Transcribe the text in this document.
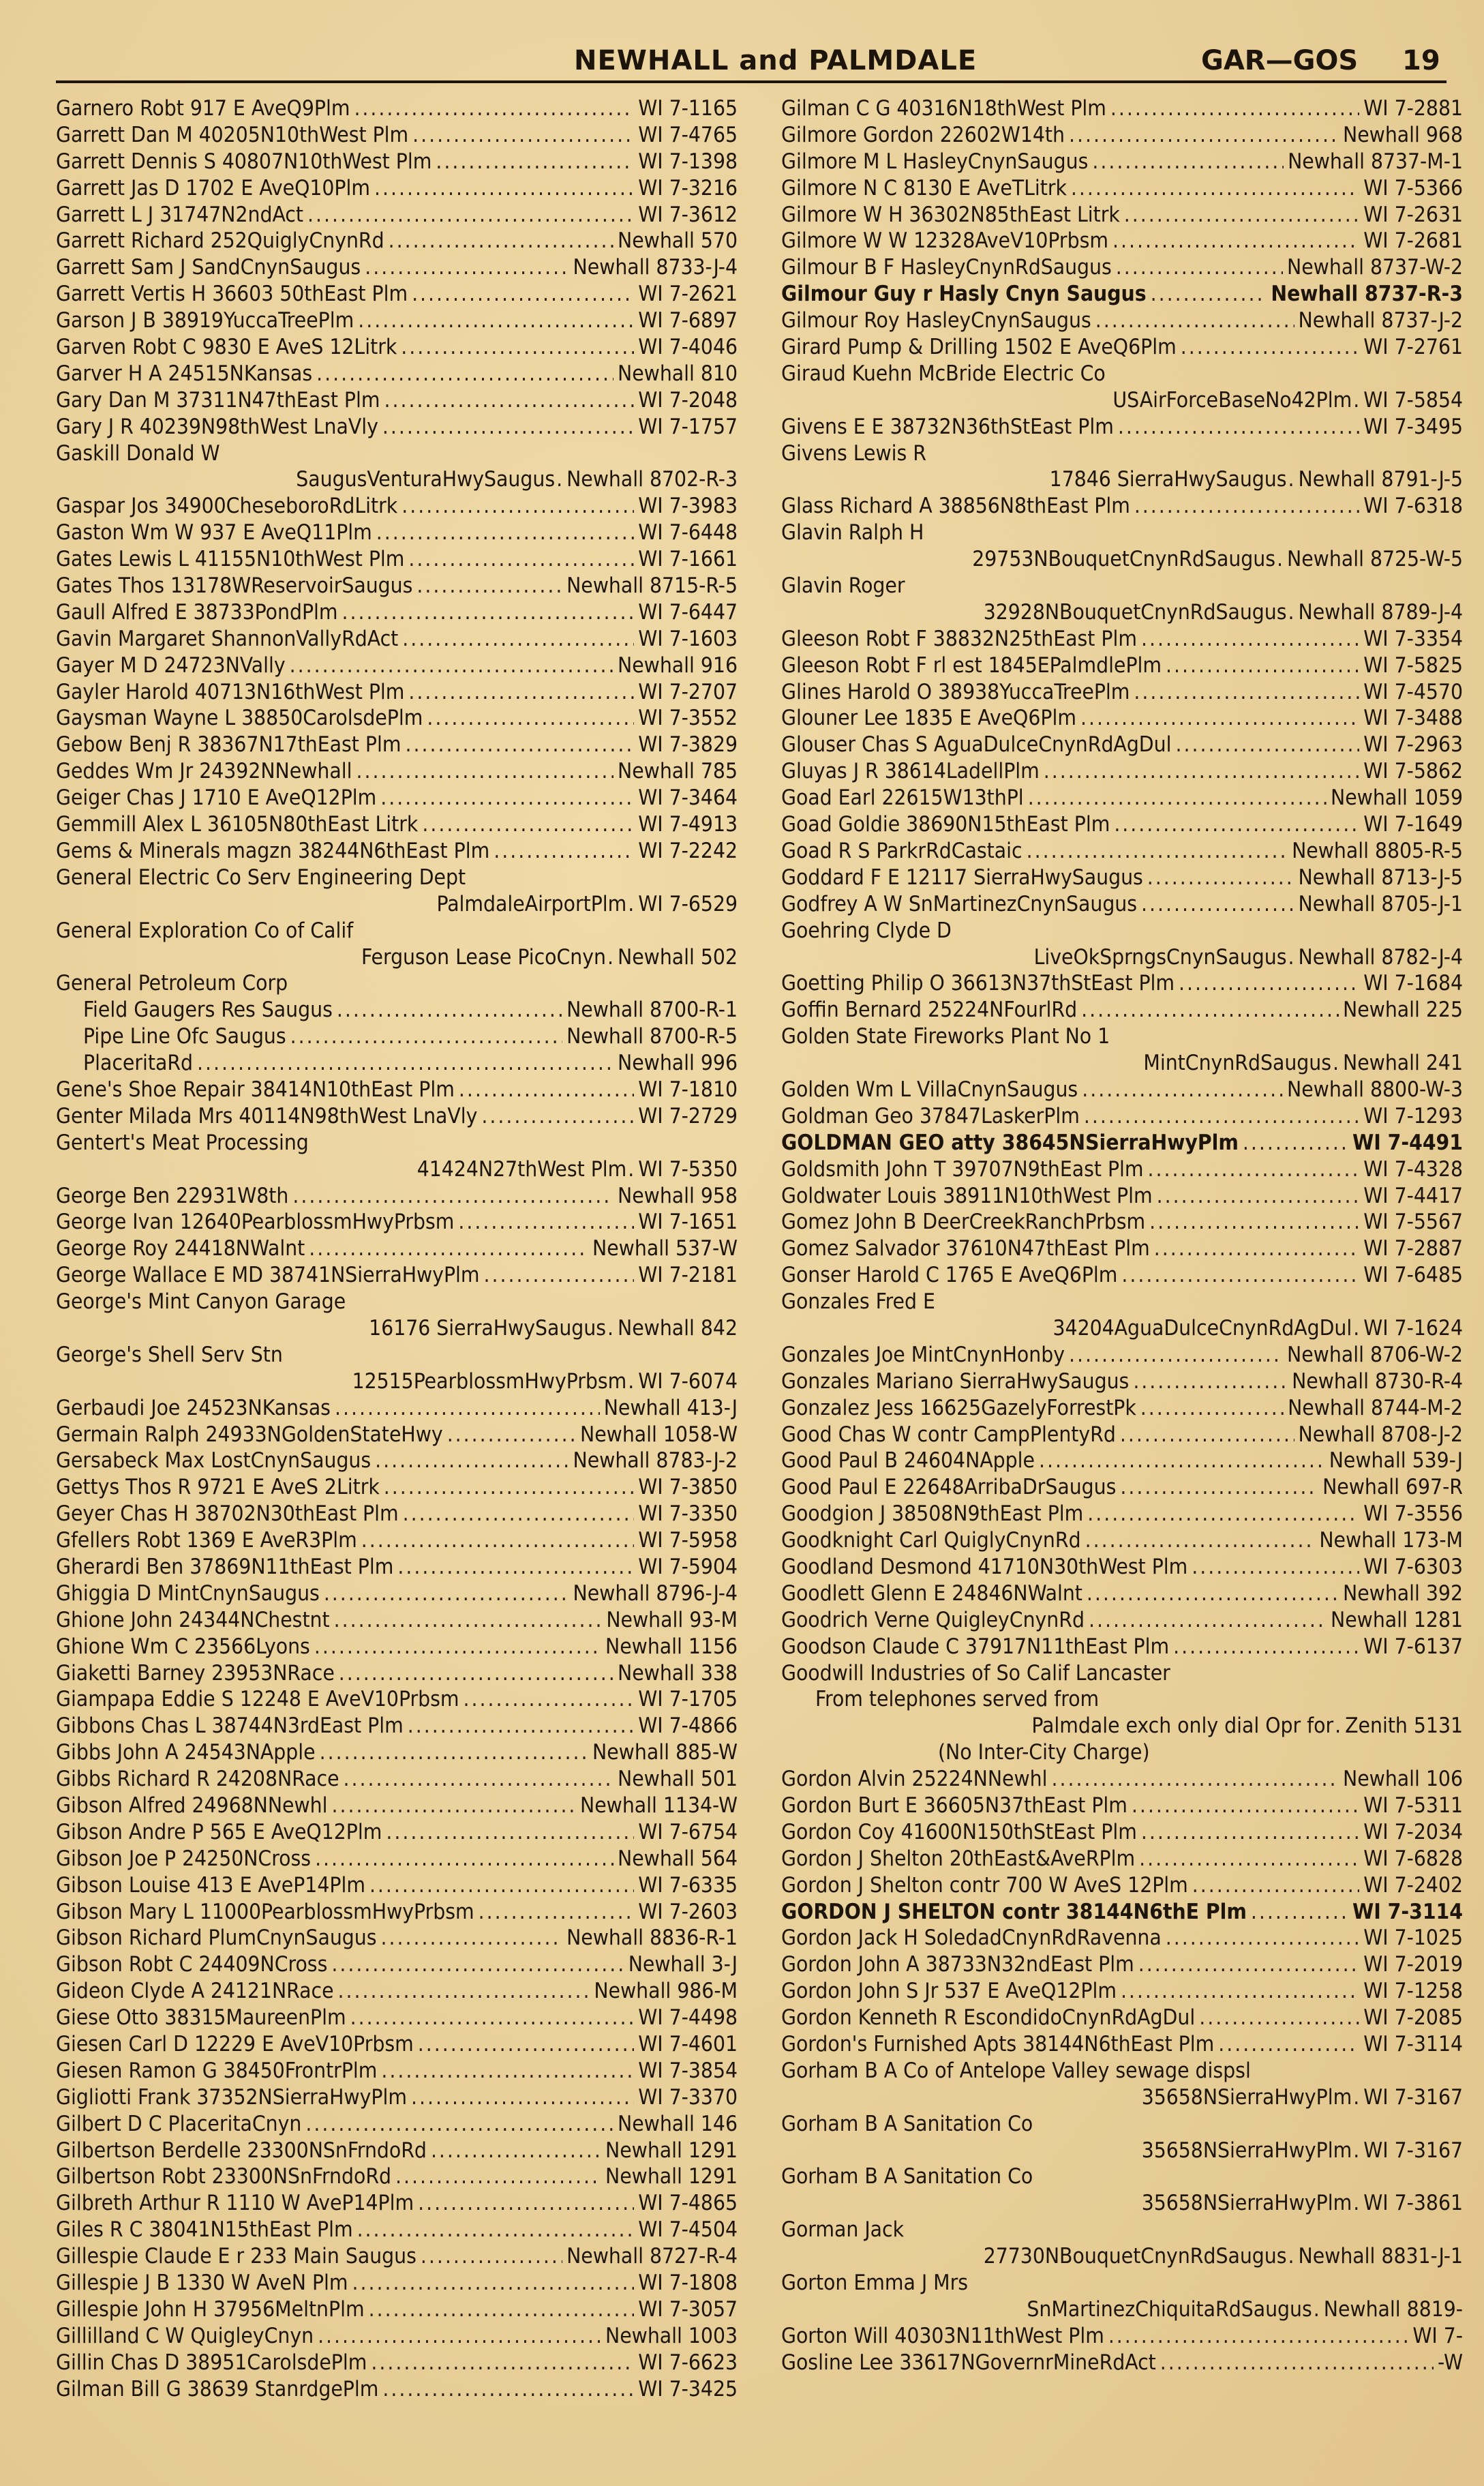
NEWHALL and PALMDALE	GAR—GOS 19
Garnero Robt 917 E AveQ9Plm .....	WI 7-1165
Garrett Dan M 40205N10thWest Plm .....	WI 7-4765
Garrett Dennis S 40807N10thWest Plm .....	WI 7-1398
Garrett Jas D 1702 E AveQ10Plm .....	WI 7-3216
Garrett L J 31747N2ndAct .....	WI 7-3612
Garrett Richard 252QuiglyCnynRd .....	Newhall 570
Garrett Sam J SandCnynSaugus .....	Newhall 8733-J-4
Garrett Vertis H 36603 50thEast Plm .....	WI 7-2621
Garson J B 38919YuccaTreePlm .....	WI 7-6897
Garven Robt C 9830 E AveS 12Litrk .....	WI 7-4046
Garver H A 24515NKansas .....	Newhall 810
Gary Dan M 37311N47thEast Plm .....	WI 7-2048
Gary J R 40239N98thWest LnaVly .....	WI 7-1757
Gaskill Donald W
SaugusVenturaHwySaugus . Newhall 8702-R-3
Gaspar Jos 34900CheseboroRdLitrk .....	WI 7-3983
Gaston Wm W 937 E AveQ11Plm .....	WI 7-6448
Gates Lewis L 41155N10thWest Plm .....	WI 7-1661
Gates Thos 13178WReservoirSaugus .....	Newhall 8715-R-5
Gaull Alfred E 38733PondPlm .....	WI 7-6447
Gavin Margaret ShannonVallyRdAct .....	WI 7-1603
Gayer M D 24723NVally .....	Newhall 916
Gayler Harold 40713N16thWest Plm .....	WI 7-2707
Gaysman Wayne L 38850CarolsdePlm .....	WI 7-3552
Gebow Benj R 38367N17thEast Plm .....	WI 7-3829
Geddes Wm Jr 24392NNewhall .....	Newhall 785
Geiger Chas J 1710 E AveQ12Plm .....	WI 7-3464
Gemmill Alex L 36105N80thEast Litrk .....	WI 7-4913
Gems & Minerals magzn 38244N6thEast Plm .....	WI 7-2242
General Electric Co Serv Engineering Dept
PalmdaleAirportPlm . WI 7-6529
General Exploration Co of Calif
Ferguson Lease PicoCnyn . Newhall 502
General Petroleum Corp
Field Gaugers Res Saugus .....	Newhall 8700-R-1
Pipe Line Ofc Saugus .....	Newhall 8700-R-5
PlaceritaRd .....	Newhall 996
Gene's Shoe Repair 38414N10thEast Plm .....	WI 7-1810
Genter Milada Mrs 40114N98thWest LnaVly .....	WI 7-2729
Gentert's Meat Processing
41424N27thWest Plm . WI 7-5350
George Ben 22931W8th .....	Newhall 958
George Ivan 12640PearblossmHwyPrbsm .....	WI 7-1651
George Roy 24418NWalnt .....	Newhall 537-W
George Wallace E MD 38741NSierraHwyPlm .....	WI 7-2181
George's Mint Canyon Garage
16176 SierraHwySaugus . Newhall 842
George's Shell Serv Stn
12515PearblossmHwyPrbsm . WI 7-6074
Gerbaudi Joe 24523NKansas .....	Newhall 413-J
Germain Ralph 24933NGoldenStateHwy .....	Newhall 1058-W
Gersabeck Max LostCnynSaugus .....	Newhall 8783-J-2
Gettys Thos R 9721 E AveS 2Litrk .....	WI 7-3850
Geyer Chas H 38702N30thEast Plm .....	WI 7-3350
Gfellers Robt 1369 E AveR3Plm .....	WI 7-5958
Gherardi Ben 37869N11thEast Plm .....	WI 7-5904
Ghiggia D MintCnynSaugus .....	Newhall 8796-J-4
Ghione John 24344NChestnt .....	Newhall 93-M
Ghione Wm C 23566Lyons .....	Newhall 1156
Giaketti Barney 23953NRace .....	Newhall 338
Giampapa Eddie S 12248 E AveV10Prbsm .....	WI 7-1705
Gibbons Chas L 38744N3rdEast Plm .....	WI 7-4866
Gibbs John A 24543NApple .....	Newhall 885-W
Gibbs Richard R 24208NRace .....	Newhall 501
Gibson Alfred 24968NNewhl .....	Newhall 1134-W
Gibson Andre P 565 E AveQ12Plm .....	WI 7-6754
Gibson Joe P 24250NCross .....	Newhall 564
Gibson Louise 413 E AveP14Plm .....	WI 7-6335
Gibson Mary L 11000PearblossmHwyPrbsm .....	WI 7-2603
Gibson Richard PlumCnynSaugus .....	Newhall 8836-R-1
Gibson Robt C 24409NCross .....	Newhall 3-J
Gideon Clyde A 24121NRace .....	Newhall 986-M
Giese Otto 38315MaureenPlm .....	WI 7-4498
Giesen Carl D 12229 E AveV10Prbsm .....	WI 7-4601
Giesen Ramon G 38450FrontrPlm .....	WI 7-3854
Gigliotti Frank 37352NSierraHwyPlm .....	WI 7-3370
Gilbert D C PlaceritaCnyn .....	Newhall 146
Gilbertson Berdelle 23300NSnFrndoRd .....	Newhall 1291
Gilbertson Robt 23300NSnFrndoRd .....	Newhall 1291
Gilbreth Arthur R 1110 W AveP14Plm .....	WI 7-4865
Giles R C 38041N15thEast Plm .....	WI 7-4504
Gillespie Claude E r 233 Main Saugus .....	Newhall 8727-R-4
Gillespie J B 1330 W AveN Plm .....	WI 7-1808
Gillespie John H 37956MeltnPlm .....	WI 7-3057
Gillilland C W QuigleyCnyn .....	Newhall 1003
Gillin Chas D 38951CarolsdePlm .....	WI 7-6623
Gilman Bill G 38639 StanrdgePlm .....	WI 7-3425
Gilman C G 40316N18thWest Plm .....	WI 7-2881
Gilmore Gordon 22602W14th .....	Newhall 968
Gilmore M L HasleyCnynSaugus .....	Newhall 8737-M-1
Gilmore N C 8130 E AveTLitrk .....	WI 7-5366
Gilmore W H 36302N85thEast Litrk .....	WI 7-2631
Gilmore W W 12328AveV10Prbsm .....	WI 7-2681
Gilmour B F HasleyCnynRdSaugus .....	Newhall 8737-W-2
Gilmour Guy r Hasly Cnyn Saugus .....	Newhall 8737-R-3
Gilmour Roy HasleyCnynSaugus .....	Newhall 8737-J-2
Girard Pump & Drilling 1502 E AveQ6Plm .....	WI 7-2761
Giraud Kuehn McBride Electric Co
USAirForceBaseNo42Plm . WI 7-5854
Givens E E 38732N36thStEast Plm .....	WI 7-3495
Givens Lewis R
17846 SierraHwySaugus . Newhall 8791-J-5
Glass Richard A 38856N8thEast Plm .....	WI 7-6318
Glavin Ralph H
29753NBouquetCnynRdSaugus . Newhall 8725-W-5
Glavin Roger
32928NBouquetCnynRdSaugus . Newhall 8789-J-4
Gleeson Robt F 38832N25thEast Plm .....	WI 7-3354
Gleeson Robt F rl est 1845EPalmdlePlm .....	WI 7-5825
Glines Harold O 38938YuccaTreePlm .....	WI 7-4570
Glouner Lee 1835 E AveQ6Plm .....	WI 7-3488
Glouser Chas S AguaDulceCnynRdAgDul .....	WI 7-2963
Gluyas J R 38614LadellPlm .....	WI 7-5862
Goad Earl 22615W13thPl .....	Newhall 1059
Goad Goldie 38690N15thEast Plm .....	WI 7-1649
Goad R S ParkrRdCastaic .....	Newhall 8805-R-5
Goddard F E 12117 SierraHwySaugus .....	Newhall 8713-J-5
Godfrey A W SnMartinezCnynSaugus .....	Newhall 8705-J-1
Goehring Clyde D
LiveOkSprngsCnynSaugus . Newhall 8782-J-4
Goetting Philip O 36613N37thStEast Plm .....	WI 7-1684
Goffin Bernard 25224NFourlRd .....	Newhall 225
Golden State Fireworks Plant No 1
MintCnynRdSaugus . Newhall 241
Golden Wm L VillaCnynSaugus .....	Newhall 8800-W-3
Goldman Geo 37847LaskerPlm .....	WI 7-1293
GOLDMAN GEO atty 38645NSierraHwyPlm .....	WI 7-4491
Goldsmith John T 39707N9thEast Plm .....	WI 7-4328
Goldwater Louis 38911N10thWest Plm .....	WI 7-4417
Gomez John B DeerCreekRanchPrbsm .....	WI 7-5567
Gomez Salvador 37610N47thEast Plm .....	WI 7-2887
Gonser Harold C 1765 E AveQ6Plm .....	WI 7-6485
Gonzales Fred E
34204AguaDulceCnynRdAgDul . WI 7-1624
Gonzales Joe MintCnynHonby .....	Newhall 8706-W-2
Gonzales Mariano SierraHwySaugus .....	Newhall 8730-R-4
Gonzalez Jess 16625GazelyForrestPk .....	Newhall 8744-M-2
Good Chas W contr CampPlentyRd .....	Newhall 8708-J-2
Good Paul B 24604NApple .....	Newhall 539-J
Good Paul E 22648ArribaDrSaugus .....	Newhall 697-R
Goodgion J 38508N9thEast Plm .....	WI 7-3556
Goodknight Carl QuiglyCnynRd .....	Newhall 173-M
Goodland Desmond 41710N30thWest Plm .....	WI 7-6303
Goodlett Glenn E 24846NWalnt .....	Newhall 392
Goodrich Verne QuigleyCnynRd .....	Newhall 1281
Goodson Claude C 37917N11thEast Plm .....	WI 7-6137
Goodwill Industries of So Calif Lancaster
From telephones served from
Palmdale exch only dial Opr for . Zenith 5131
(No Inter-City Charge)
Gordon Alvin 25224NNewhl .....	Newhall 106
Gordon Burt E 36605N37thEast Plm .....	WI 7-5311
Gordon Coy 41600N150thStEast Plm .....	WI 7-2034
Gordon J Shelton 20thEast&AveRPlm .....	WI 7-6828
Gordon J Shelton contr 700 W AveS 12Plm .....	WI 7-2402
GORDON J SHELTON contr 38144N6thE Plm .....	WI 7-3114
Gordon Jack H SoledadCnynRdRavenna .....	WI 7-1025
Gordon John A 38733N32ndEast Plm .....	WI 7-2019
Gordon John S Jr 537 E AveQ12Plm .....	WI 7-1258
Gordon Kenneth R EscondidoCnynRdAgDul .....	WI 7-2085
Gordon's Furnished Apts 38144N6thEast Plm .....	WI 7-3114
Gorham B A Co of Antelope Valley sewage dispsl
35658NSierraHwyPlm . WI 7-3167
Gorham B A Sanitation Co
35658NSierraHwyPlm . WI 7-3167
Gorham B A Sanitation Co
35658NSierraHwyPlm . WI 7-3861
Gorman Jack
27730NBouquetCnynRdSaugus . Newhall 8831-J-1
Gorton Emma J Mrs
SnMartinezChiquitaRdSaugus . Newhall 8819-
Gorton Will 40303N11thWest Plm .....	WI 7-
Gosline Lee 33617NGovernrMineRdAct .....	-W
